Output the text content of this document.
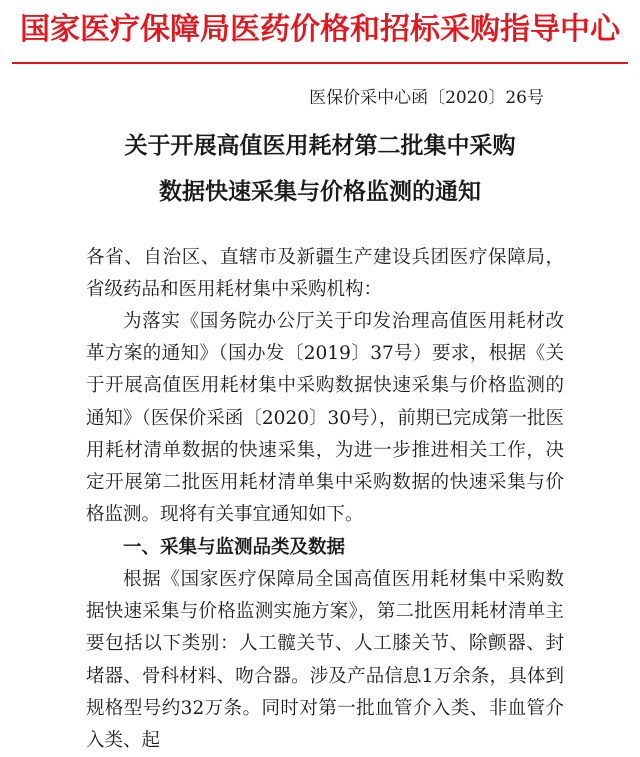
国家医疗保障局医药价格和招标采购指导中心
医保价采中心函〔2020〕26号
关于开展高值医用耗材第二批集中采购
数据快速采集与价格监测的通知

各省、自治区、直辖市及新疆生产建设兵团医疗保障局，省级药品和医用耗材集中采购机构：

为落实《国务院办公厅关于印发治理高值医用耗材改革方案的通知》（国办发〔2019〕37号）要求，根据《关于开展高值医用耗材集中采购数据快速采集与价格监测的通知》（医保价采函〔2020〕30号），前期已完成第一批医用耗材清单数据的快速采集，为进一步推进相关工作，决定开展第二批医用耗材清单集中采购数据的快速采集与价格监测。现将有关事宜通知如下。

一、采集与监测品类及数据

根据《国家医疗保障局全国高值医用耗材集中采购数据快速采集与价格监测实施方案》，第二批医用耗材清单主要包括以下类别：人工髋关节、人工膝关节、除颤器、封堵器、骨科材料、吻合器。涉及产品信息1万余条，具体到规格型号约32万条。同时对第一批血管介入类、非血管介入类、起
